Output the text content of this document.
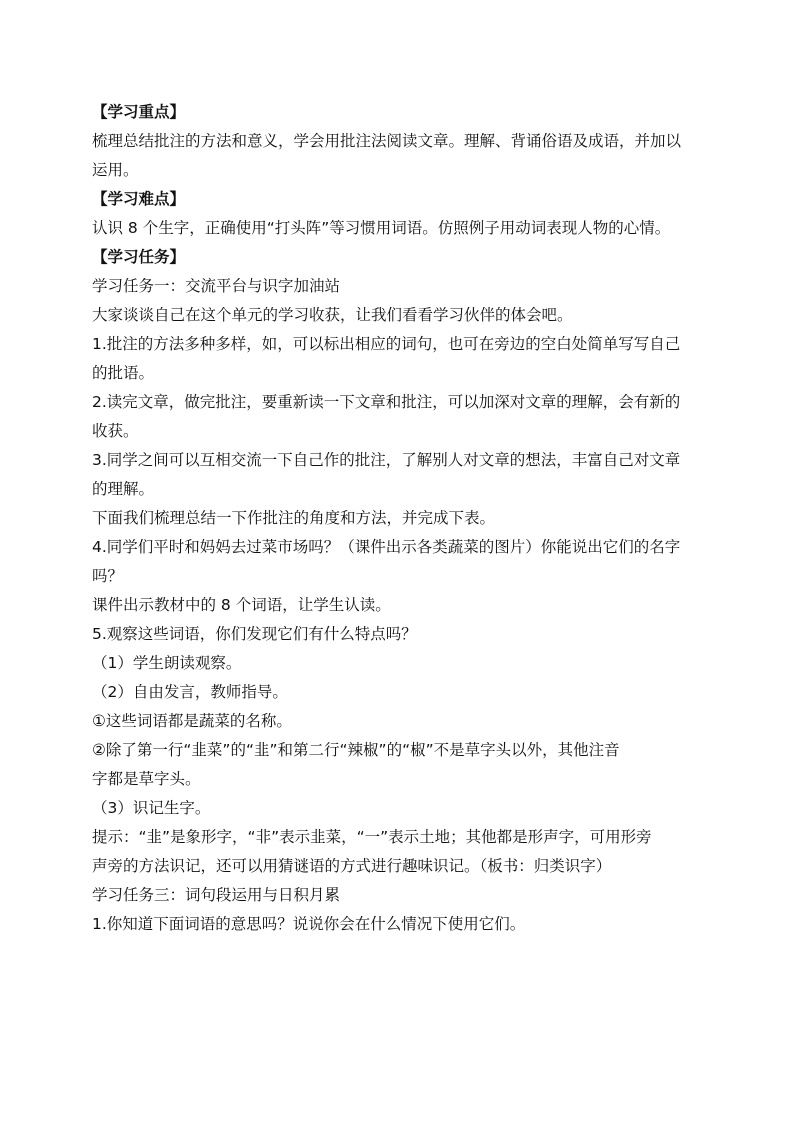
【学习重点】

梳理总结批注的方法和意义，学会用批注法阅读文章。理解、背诵俗语及成语，并加以

运用。

【学习难点】

认识 8 个生字，正确使用“打头阵”等习惯用词语。仿照例子用动词表现人物的心情。

【学习任务】

学习任务一：交流平台与识字加油站

大家谈谈自己在这个单元的学习收获，让我们看看学习伙伴的体会吧。

1.批注的方法多种多样，如，可以标出相应的词句，也可在旁边的空白处简单写写自己

的批语。

2.读完文章，做完批注，要重新读一下文章和批注，可以加深对文章的理解，会有新的

收获。

3.同学之间可以互相交流一下自己作的批注，了解别人对文章的想法，丰富自己对文章

的理解。

下面我们梳理总结一下作批注的角度和方法，并完成下表。

4.同学们平时和妈妈去过菜市场吗？（课件出示各类蔬菜的图片）你能说出它们的名字

吗？

课件出示教材中的 8 个词语，让学生认读。

5.观察这些词语，你们发现它们有什么特点吗？

（1）学生朗读观察。

（2）自由发言，教师指导。

①这些词语都是蔬菜的名称。

②除了第一行“韭菜”的“韭”和第二行“辣椒”的“椒”不是草字头以外，其他注音

字都是草字头。

（3）识记生字。

提示：“韭”是象形字，“非”表示韭菜，“一”表示土地；其他都是形声字，可用形旁

声旁的方法识记，还可以用猜谜语的方式进行趣味识记。（板书：归类识字）

学习任务三：词句段运用与日积月累

1.你知道下面词语的意思吗？说说你会在什么情况下使用它们。
